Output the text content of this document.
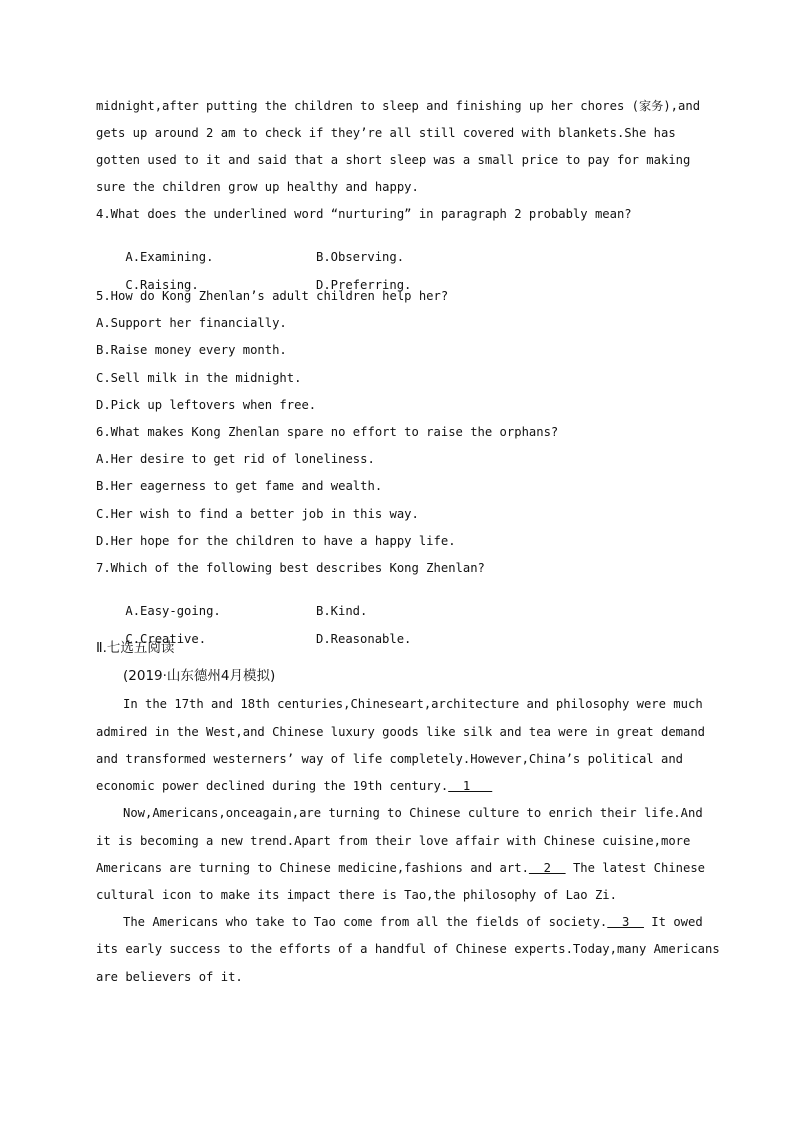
midnight,after putting the children to sleep and finishing up her chores (家务),and
gets up around 2 am to check if they’re all still covered with blankets.She has
gotten used to it and said that a short sleep was a small price to pay for making
sure the children grow up healthy and happy.
4.What does the underlined word “nurturing” in paragraph 2 probably mean?

A.Examining.	B.Observing.

C.Raising.	D.Preferring.

5.How do Kong Zhenlan’s adult children help her?
A.Support her financially.
B.Raise money every month.
C.Sell milk in the midnight.
D.Pick up leftovers when free.
6.What makes Kong Zhenlan spare no effort to raise the orphans?
A.Her desire to get rid of loneliness.
B.Her eagerness to get fame and wealth.
C.Her wish to find a better job in this way.
D.Her hope for the children to have a happy life.
7.Which of the following best describes Kong Zhenlan?

A.Easy-going.	B.Kind.

C.Creative.	D.Reasonable.

Ⅱ.七选五阅读
(2019·山东德州4月模拟)
In the 17th and 18th centuries,Chineseart,architecture and philosophy were much
admired in the West,and Chinese luxury goods like silk and tea were in great demand
and transformed westerners’ way of life completely.However,China’s political and
economic power declined during the 19th century.  1
Now,Americans,onceagain,are turning to Chinese culture to enrich their life.And
it is becoming a new trend.Apart from their love affair with Chinese cuisine,more
Americans are turning to Chinese medicine,fashions and art.  2   The latest Chinese
cultural icon to make its impact there is Tao,the philosophy of Lao Zi.
The Americans who take to Tao come from all the fields of society.  3   It owed
its early success to the efforts of a handful of Chinese experts.Today,many Americans
are believers of it.
